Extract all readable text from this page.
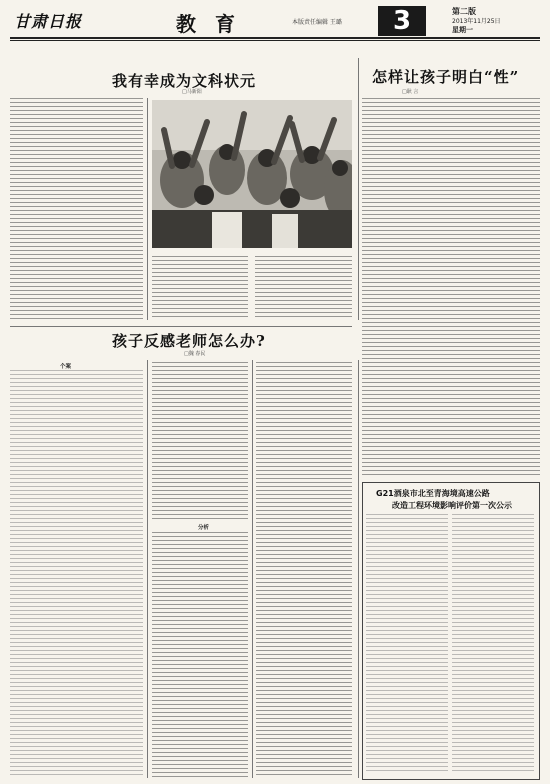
甘肃日报	教 育	本版责任编辑 王璐	3	第二版
2013年11月25日
星期一
我有幸成为文科状元
□马新阳
怎样让孩子明白“性”
□耿 言
孩子反感老师怎么办?
□魏 春民
个案
分析
G21酒泉市北至青海境高速公路
改造工程环境影响评价第一次公示
